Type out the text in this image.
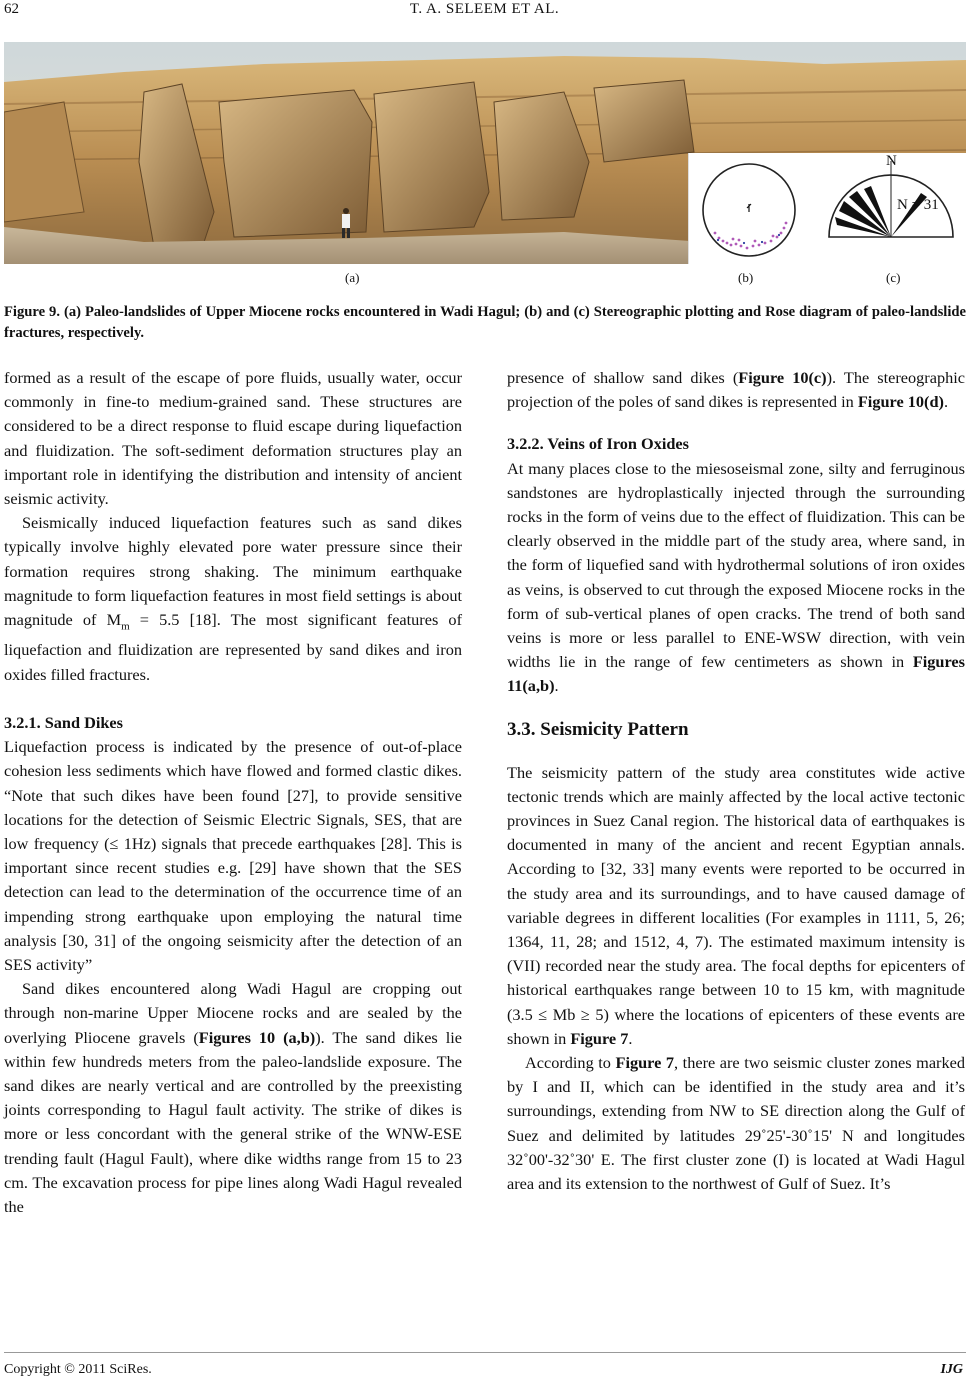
62	T. A. SELEEM ET AL.
N
N = 31
(a)	(b)	(c)
Figure 9. (a) Paleo-landslides of Upper Miocene rocks encountered in Wadi Hagul; (b) and (c) Stereographic plotting and Rose diagram of paleo-landslide fractures, respectively.

formed as a result of the escape of pore fluids, usually water, occur commonly in fine-to medium-grained sand. These structures are considered to be a direct response to fluid escape during liquefaction and fluidization. The soft-sediment deformation structures play an important role in identifying the distribution and intensity of ancient seismic activity.

Seismically induced liquefaction features such as sand dikes typically involve highly elevated pore water pressure since their formation requires strong shaking. The minimum earthquake magnitude to form liquefaction features in most field settings is about magnitude of $M_m = 5.5$ [18]. The most significant features of liquefaction and fluidization are represented by sand dikes and iron oxides filled fractures.

3.2.1. Sand Dikes

Liquefaction process is indicated by the presence of out-of-place cohesion less sediments which have flowed and formed clastic dikes. “Note that such dikes have been found [27], to provide sensitive locations for the detection of Seismic Electric Signals, SES, that are low frequency (≤ 1Hz) signals that precede earthquakes [28]. This is important since recent studies e.g. [29] have shown that the SES detection can lead to the determination of the occurrence time of an impending strong earthquake upon employing the natural time analysis [30, 31] of the ongoing seismicity after the detection of an SES activity”

Sand dikes encountered along Wadi Hagul are cropping out through non-marine Upper Miocene rocks and are sealed by the overlying Pliocene gravels (Figures 10 (a,b)). The sand dikes lie within few hundreds meters from the paleo-landslide exposure. The sand dikes are nearly vertical and are controlled by the preexisting joints corresponding to Hagul fault activity. The strike of dikes is more or less concordant with the general strike of the WNW-ESE trending fault (Hagul Fault), where dike widths range from 15 to 23 cm. The excavation process for pipe lines along Wadi Hagul revealed the

presence of shallow sand dikes (Figure 10(c)). The stereographic projection of the poles of sand dikes is represented in Figure 10(d).

3.2.2. Veins of Iron Oxides

At many places close to the miesoseismal zone, silty and ferruginous sandstones are hydroplastically injected through the surrounding rocks in the form of veins due to the effect of fluidization. This can be clearly observed in the middle part of the study area, where sand, in the form of liquefied sand with hydrothermal solutions of iron oxides as veins, is observed to cut through the exposed Miocene rocks in the form of sub-vertical planes of open cracks. The trend of both sand veins is more or less parallel to ENE-WSW direction, with vein widths lie in the range of few centimeters as shown in Figures 11(a,b).

3.3. Seismicity Pattern

The seismicity pattern of the study area constitutes wide active tectonic trends which are mainly affected by the local active tectonic provinces in Suez Canal region. The historical data of earthquakes is documented in many of the ancient and recent Egyptian annals. According to [32, 33] many events were reported to be occurred in the study area and its surroundings, and to have caused damage of variable degrees in different localities (For examples in 1111, 5, 26; 1364, 11, 28; and 1512, 4, 7). The estimated maximum intensity is (VII) recorded near the study area. The focal depths for epicenters of historical earthquakes range between 10 to 15 km, with magnitude (3.5 ≤ Mb ≥ 5) where the locations of epicenters of these events are shown in Figure 7.

According to Figure 7, there are two seismic cluster zones marked by I and II, which can be identified in the study area and it’s surroundings, extending from NW to SE direction along the Gulf of Suez and delimited by latitudes 29˚25'-30˚15' N and longitudes 32˚00'-32˚30' E. The first cluster zone (I) is located at Wadi Hagul area and its extension to the northwest of Gulf of Suez. It’s

Copyright © 2011 SciRes.	IJG
